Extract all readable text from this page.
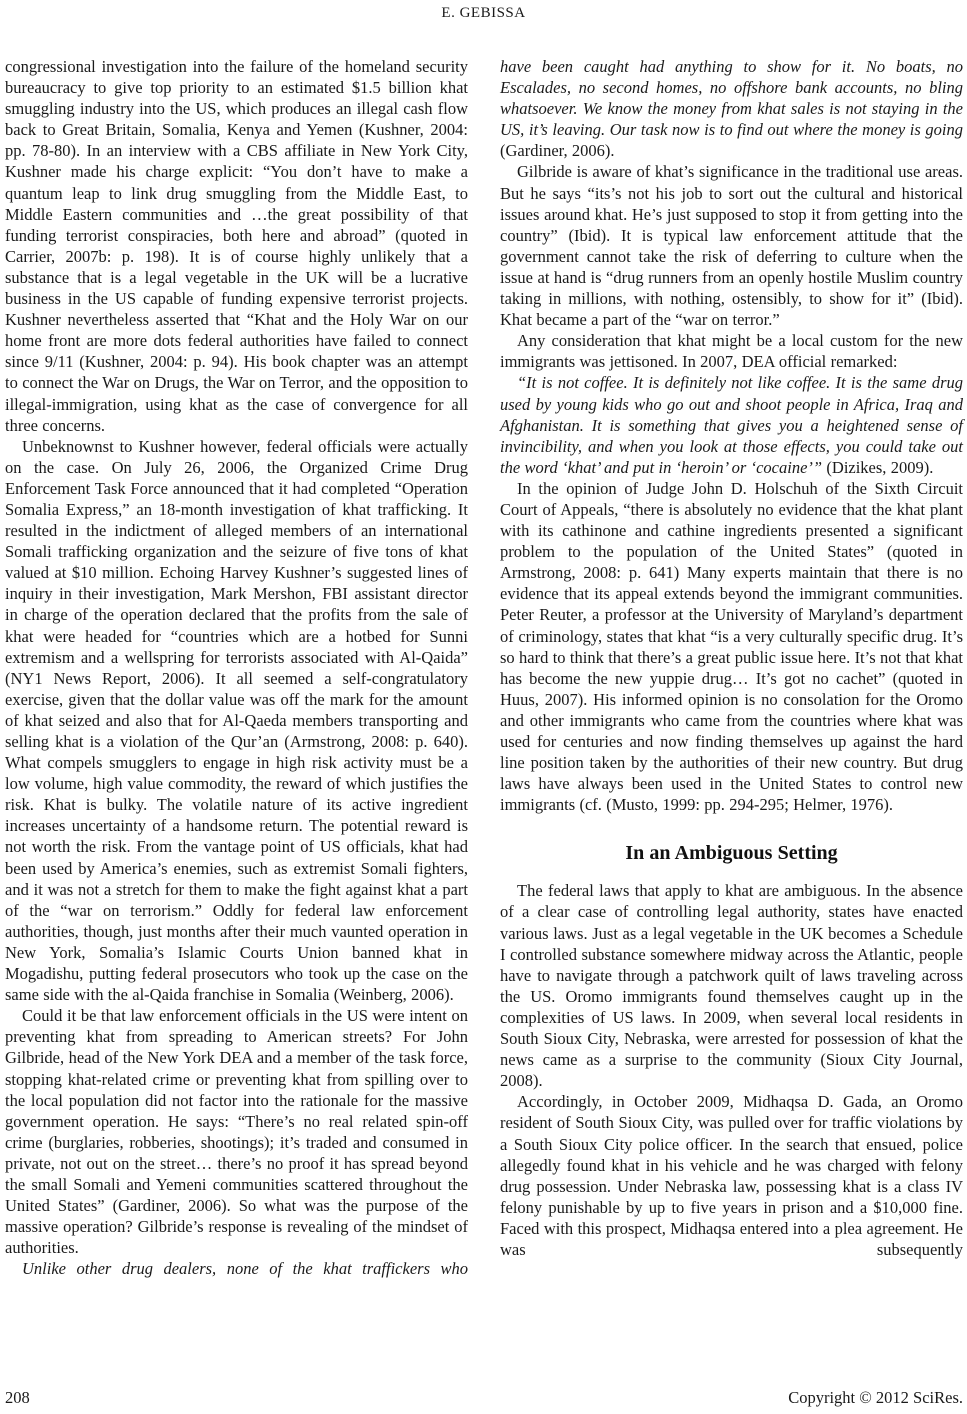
E. GEBISSA

congressional investigation into the failure of the homeland security bureaucracy to give top priority to an estimated $1.5 billion khat smuggling industry into the US, which produces an illegal cash flow back to Great Britain, Somalia, Kenya and Yemen (Kushner, 2004: pp. 78-80). In an interview with a CBS affiliate in New York City, Kushner made his charge explicit: “You don’t have to make a quantum leap to link drug smuggling from the Middle East, to Middle Eastern communities and …the great possibility of that funding terrorist conspiracies, both here and abroad” (quoted in Carrier, 2007b: p. 198). It is of course highly unlikely that a substance that is a legal vegetable in the UK will be a lucrative business in the US capable of funding expensive terrorist projects. Kushner nevertheless asserted that “Khat and the Holy War on our home front are more dots federal authorities have failed to connect since 9/11 (Kushner, 2004: p. 94). His book chapter was an attempt to connect the War on Drugs, the War on Terror, and the opposition to illegal-immigration, using khat as the case of convergence for all three concerns.

Unbeknownst to Kushner however, federal officials were actually on the case. On July 26, 2006, the Organized Crime Drug Enforcement Task Force announced that it had completed “Operation Somalia Express,” an 18-month investigation of khat trafficking. It resulted in the indictment of alleged members of an international Somali trafficking organization and the seizure of five tons of khat valued at $10 million. Echoing Harvey Kushner’s suggested lines of inquiry in their investigation, Mark Mershon, FBI assistant director in charge of the operation declared that the profits from the sale of khat were headed for “countries which are a hotbed for Sunni extremism and a wellspring for terrorists associated with Al-Qaida” (NY1 News Report, 2006). It all seemed a self-congratulatory exercise, given that the dollar value was off the mark for the amount of khat seized and also that for Al-Qaeda members transporting and selling khat is a violation of the Qur’an (Armstrong, 2008: p. 640). What compels smugglers to engage in high risk activity must be a low volume, high value commodity, the reward of which justifies the risk. Khat is bulky. The volatile nature of its active ingredient increases uncertainty of a handsome return. The potential reward is not worth the risk. From the vantage point of US officials, khat had been used by America’s enemies, such as extremist Somali fighters, and it was not a stretch for them to make the fight against khat a part of the “war on terrorism.” Oddly for federal law enforcement authorities, though, just months after their much vaunted operation in New York, Somalia’s Islamic Courts Union banned khat in Mogadishu, putting federal prosecutors who took up the case on the same side with the al-Qaida franchise in Somalia (Weinberg, 2006).

Could it be that law enforcement officials in the US were intent on preventing khat from spreading to American streets? For John Gilbride, head of the New York DEA and a member of the task force, stopping khat-related crime or preventing khat from spilling over to the local population did not factor into the rationale for the massive government operation. He says: “There’s no real related spin-off crime (burglaries, robberies, shootings); it’s traded and consumed in private, not out on the street… there’s no proof it has spread beyond the small Somali and Yemeni communities scattered throughout the United States” (Gardiner, 2006). So what was the purpose of the massive operation? Gilbride’s response is revealing of the mindset of authorities.

Unlike other drug dealers, none of the khat traffickers who

have been caught had anything to show for it. No boats, no Escalades, no second homes, no offshore bank accounts, no bling whatsoever. We know the money from khat sales is not staying in the US, it’s leaving. Our task now is to find out where the money is going (Gardiner, 2006).

Gilbride is aware of khat’s significance in the traditional use areas. But he says “its’s not his job to sort out the cultural and historical issues around khat. He’s just supposed to stop it from getting into the country” (Ibid). It is typical law enforcement attitude that the government cannot take the risk of deferring to culture when the issue at hand is “drug runners from an openly hostile Muslim country taking in millions, with nothing, ostensibly, to show for it” (Ibid). Khat became a part of the “war on terror.”

Any consideration that khat might be a local custom for the new immigrants was jettisoned. In 2007, DEA official remarked:

“It is not coffee. It is definitely not like coffee. It is the same drug used by young kids who go out and shoot people in Africa, Iraq and Afghanistan. It is something that gives you a heightened sense of invincibility, and when you look at those effects, you could take out the word ‘khat’ and put in ‘heroin’ or ‘cocaine’” (Dizikes, 2009).

In the opinion of Judge John D. Holschuh of the Sixth Circuit Court of Appeals, “there is absolutely no evidence that the khat plant with its cathinone and cathine ingredients presented a significant problem to the population of the United States” (quoted in Armstrong, 2008: p. 641) Many experts maintain that there is no evidence that its appeal extends beyond the immigrant communities. Peter Reuter, a professor at the University of Maryland’s department of criminology, states that khat “is a very culturally specific drug. It’s so hard to think that there’s a great public issue here. It’s not that khat has become the new yuppie drug… It’s got no cachet” (quoted in Huus, 2007). His informed opinion is no consolation for the Oromo and other immigrants who came from the countries where khat was used for centuries and now finding themselves up against the hard line position taken by the authorities of their new country. But drug laws have always been used in the United States to control new immigrants (cf. (Musto, 1999: pp. 294-295; Helmer, 1976).

In an Ambiguous Setting

The federal laws that apply to khat are ambiguous. In the absence of a clear case of controlling legal authority, states have enacted various laws. Just as a legal vegetable in the UK becomes a Schedule I controlled substance somewhere midway across the Atlantic, people have to navigate through a patchwork quilt of laws traveling across the US. Oromo immigrants found themselves caught up in the complexities of US laws. In 2009, when several local residents in South Sioux City, Nebraska, were arrested for possession of khat the news came as a surprise to the community (Sioux City Journal, 2008).

Accordingly, in October 2009, Midhaqsa D. Gada, an Oromo resident of South Sioux City, was pulled over for traffic violations by a South Sioux City police officer. In the search that ensued, police allegedly found khat in his vehicle and he was charged with felony drug possession. Under Nebraska law, possessing khat is a class IV felony punishable by up to five years in prison and a $10,000 fine. Faced with this prospect, Midhaqsa entered into a plea agreement. He was subsequently

208	Copyright © 2012 SciRes.
